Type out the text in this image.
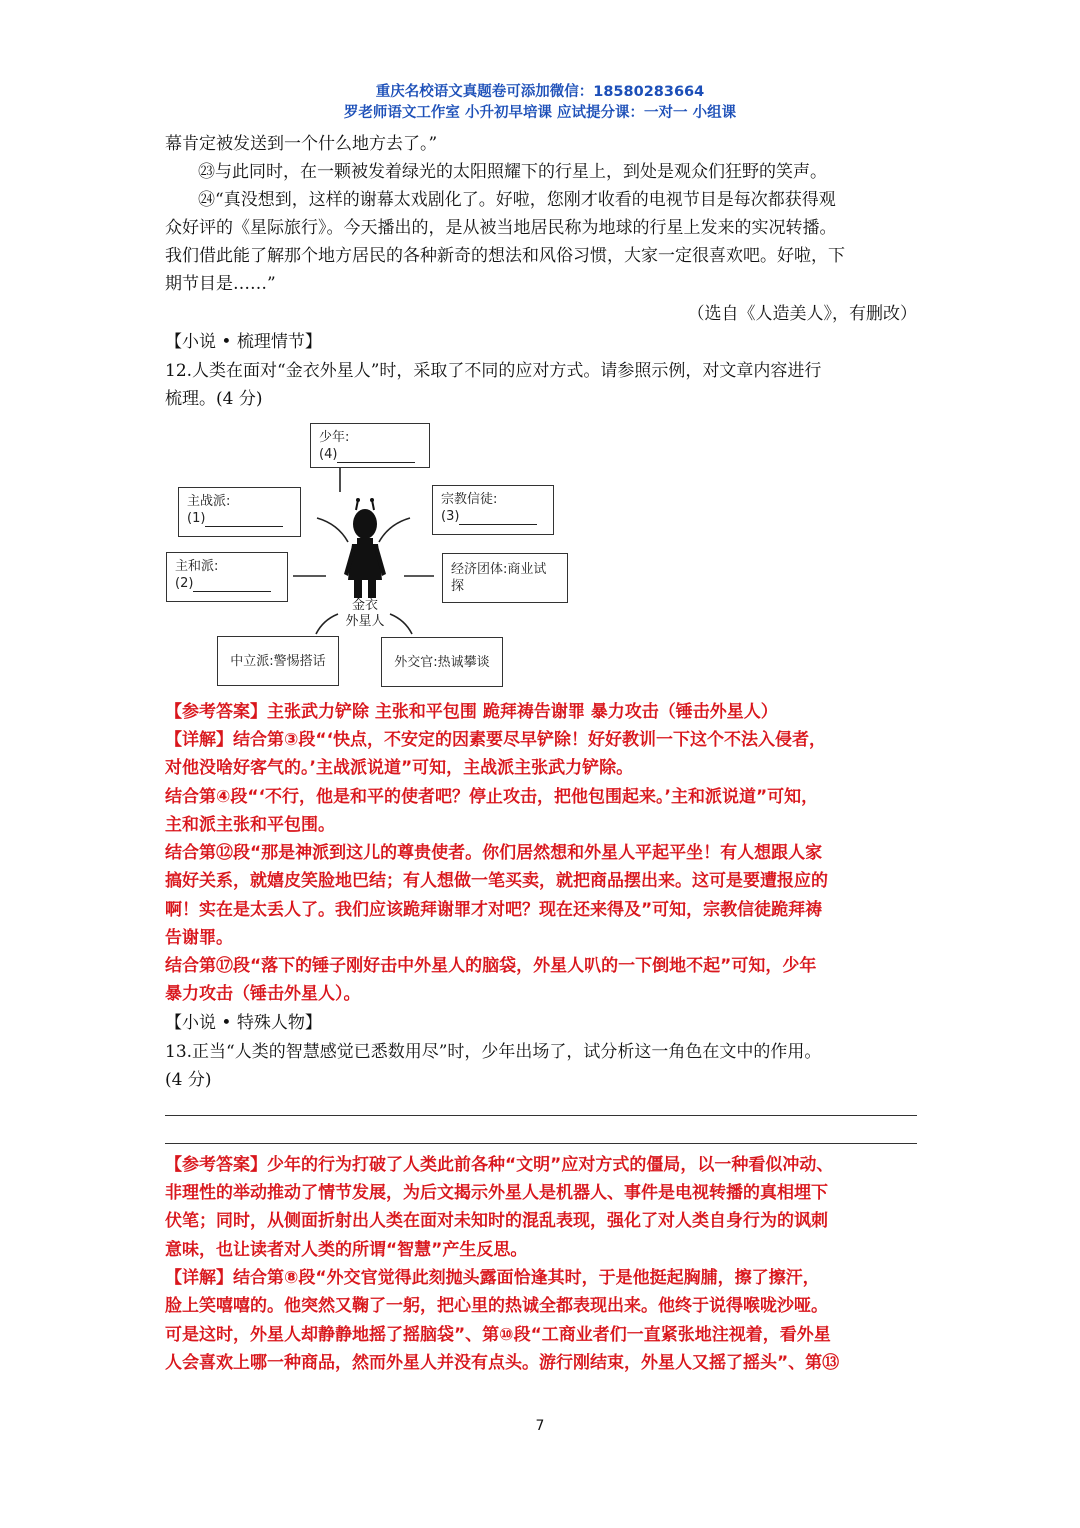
重庆名校语文真题卷可添加微信：18580283664
罗老师语文工作室 小升初早培课 应试提分课：一对一 小组课
幕肯定被发送到一个什么地方去了。”
㉓与此同时，在一颗被发着绿光的太阳照耀下的行星上，到处是观众们狂野的笑声。
㉔“真没想到，这样的谢幕太戏剧化了。好啦，您刚才收看的电视节目是每次都获得观
众好评的《星际旅行》。今天播出的，是从被当地居民称为地球的行星上发来的实况转播。
我们借此能了解那个地方居民的各种新奇的想法和风俗习惯，大家一定很喜欢吧。好啦，下
期节目是……”
（选自《人造美人》，有删改）
【小说 • 梳理情节】
12.人类在面对“金衣外星人”时，采取了不同的应对方式。请参照示例，对文章内容进行
梳理。(4 分)
金衣
外星人
少年:
(4)
主战派:
(1)
宗教信徒:
(3)
主和派:
(2)
经济团体:商业试探
中立派:警惕搭话	外交官:热诚攀谈
【参考答案】主张武力铲除 主张和平包围 跪拜祷告谢罪 暴力攻击（锤击外星人）
【详解】结合第③段“‘快点，不安定的因素要尽早铲除！好好教训一下这个不法入侵者，
对他没啥好客气的。’主战派说道”可知，主战派主张武力铲除。
结合第④段“‘不行，他是和平的使者吧？停止攻击，把他包围起来。’主和派说道”可知，
主和派主张和平包围。
结合第⑫段“那是神派到这儿的尊贵使者。你们居然想和外星人平起平坐！有人想跟人家
搞好关系，就嬉皮笑脸地巴结；有人想做一笔买卖，就把商品摆出来。这可是要遭报应的
啊！实在是太丢人了。我们应该跪拜谢罪才对吧？现在还来得及”可知，宗教信徒跪拜祷
告谢罪。
结合第⑰段“落下的锤子刚好击中外星人的脑袋，外星人叭的一下倒地不起”可知，少年
暴力攻击（锤击外星人）。
【小说 • 特殊人物】
13.正当“人类的智慧感觉已悉数用尽”时，少年出场了，试分析这一角色在文中的作用。
(4 分)
【参考答案】少年的行为打破了人类此前各种“文明”应对方式的僵局，以一种看似冲动、
非理性的举动推动了情节发展，为后文揭示外星人是机器人、事件是电视转播的真相埋下
伏笔；同时，从侧面折射出人类在面对未知时的混乱表现，强化了对人类自身行为的讽刺
意味，也让读者对人类的所谓“智慧”产生反思。
【详解】结合第⑧段“外交官觉得此刻抛头露面恰逢其时，于是他挺起胸脯，擦了擦汗，
脸上笑嘻嘻的。他突然又鞠了一躬，把心里的热诚全都表现出来。他终于说得喉咙沙哑。
可是这时，外星人却静静地摇了摇脑袋”、第⑩段“工商业者们一直紧张地注视着，看外星
人会喜欢上哪一种商品，然而外星人并没有点头。游行刚结束，外星人又摇了摇头”、第⑬
7
